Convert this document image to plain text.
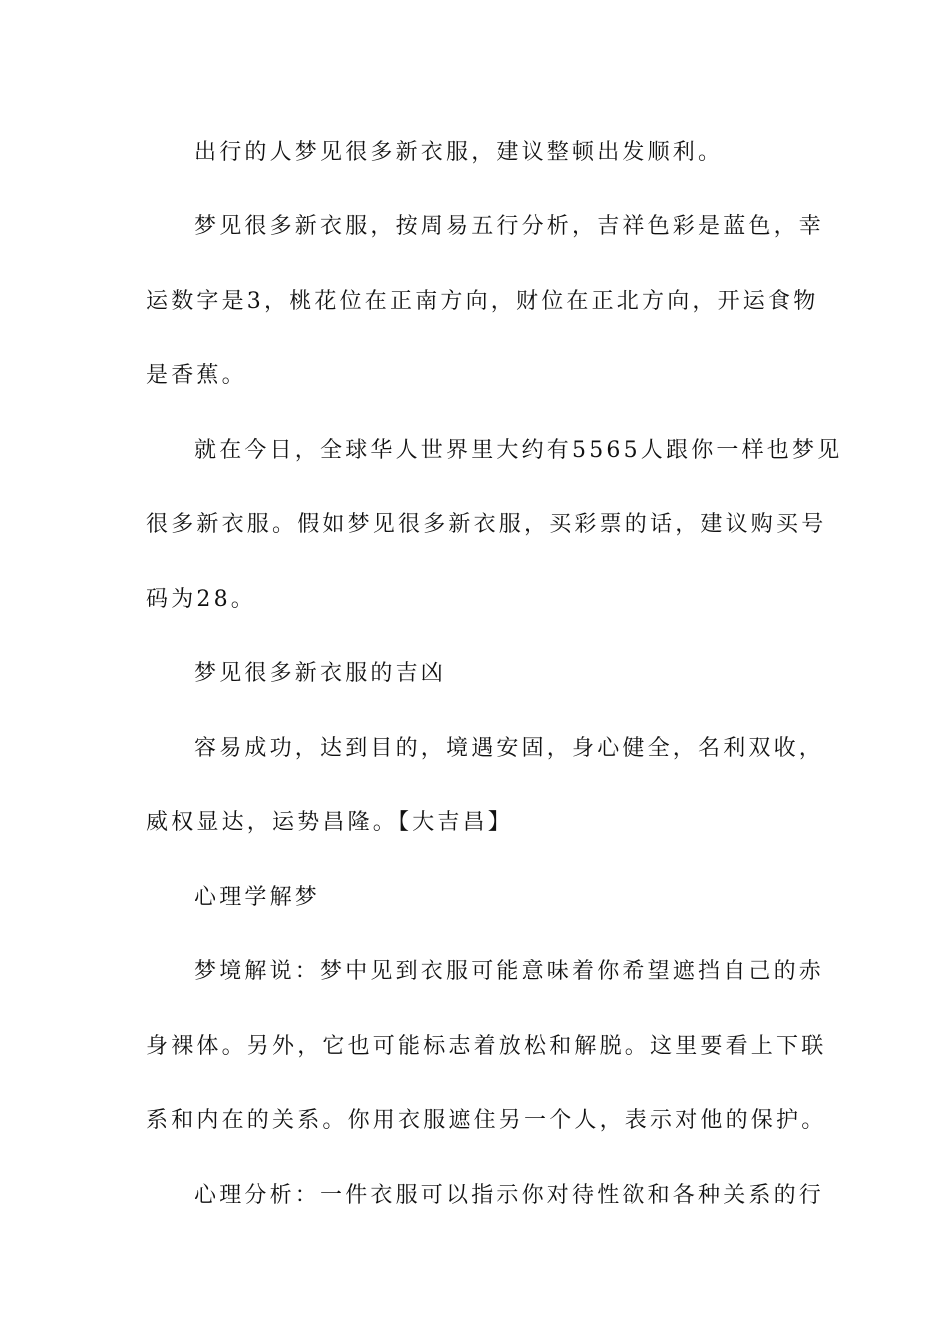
出行的人梦见很多新衣服，建议整顿出发顺利。
梦见很多新衣服，按周易五行分析，吉祥色彩是蓝色，幸
运数字是3，桃花位在正南方向，财位在正北方向，开运食物
是香蕉。
就在今日，全球华人世界里大约有5565人跟你一样也梦见
很多新衣服。假如梦见很多新衣服，买彩票的话，建议购买号
码为28。
梦见很多新衣服的吉凶
容易成功，达到目的，境遇安固，身心健全，名利双收，
威权显达，运势昌隆。【大吉昌】
心理学解梦
梦境解说：梦中见到衣服可能意味着你希望遮挡自己的赤
身裸体。另外，它也可能标志着放松和解脱。这里要看上下联
系和内在的关系。你用衣服遮住另一个人，表示对他的保护。
心理分析：一件衣服可以指示你对待性欲和各种关系的行
